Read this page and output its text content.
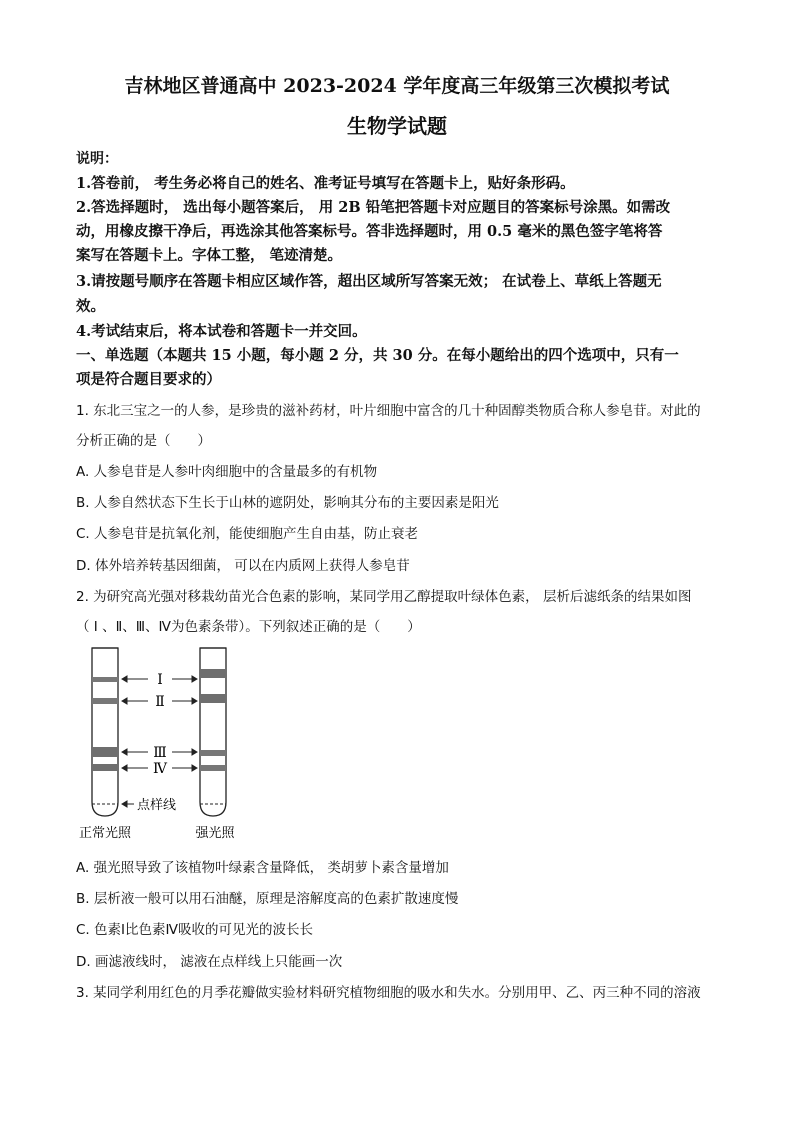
吉林地区普通高中 2023-2024 学年度高三年级第三次模拟考试
生物学试题
说明：
1.答卷前， 考生务必将自己的姓名、准考证号填写在答题卡上，贴好条形码。
2.答选择题时， 选出每小题答案后， 用 2B 铅笔把答题卡对应题目的答案标号涂黑。如需改
动，用橡皮擦干净后，再选涂其他答案标号。答非选择题时，用 0.5 毫米的黑色签字笔将答
案写在答题卡上。字体工整， 笔迹清楚。
3.请按题号顺序在答题卡相应区域作答，超出区域所写答案无效； 在试卷上、草纸上答题无
效。
4.考试结束后，将本试卷和答题卡一并交回。
一、单选题（本题共 15 小题，每小题 2 分，共 30 分。在每小题给出的四个选项中，只有一
项是符合题目要求的）
1. 东北三宝之一的人参，是珍贵的滋补药材，叶片细胞中富含的几十种固醇类物质合称人参皂苷。对此的
分析正确的是（　　）
A. 人参皂苷是人参叶肉细胞中的含量最多的有机物
B. 人参自然状态下生长于山林的遮阴处，影响其分布的主要因素是阳光
C. 人参皂苷是抗氧化剂，能使细胞产生自由基，防止衰老
D. 体外培养转基因细菌， 可以在内质网上获得人参皂苷
2. 为研究高光强对移栽幼苗光合色素的影响，某同学用乙醇提取叶绿体色素， 层析后滤纸条的结果如图
（ Ⅰ 、Ⅱ、Ⅲ、Ⅳ为色素条带）。下列叙述正确的是（　　）
Ⅰ
Ⅱ
Ⅲ
Ⅳ
点样线
正常光照	强光照
A. 强光照导致了该植物叶绿素含量降低， 类胡萝卜素含量增加
B. 层析液一般可以用石油醚，原理是溶解度高的色素扩散速度慢
C. 色素Ⅰ比色素Ⅳ吸收的可见光的波长长
D. 画滤液线时， 滤液在点样线上只能画一次
3. 某同学利用红色的月季花瓣做实验材料研究植物细胞的吸水和失水。分别用甲、乙、丙三种不同的溶液
